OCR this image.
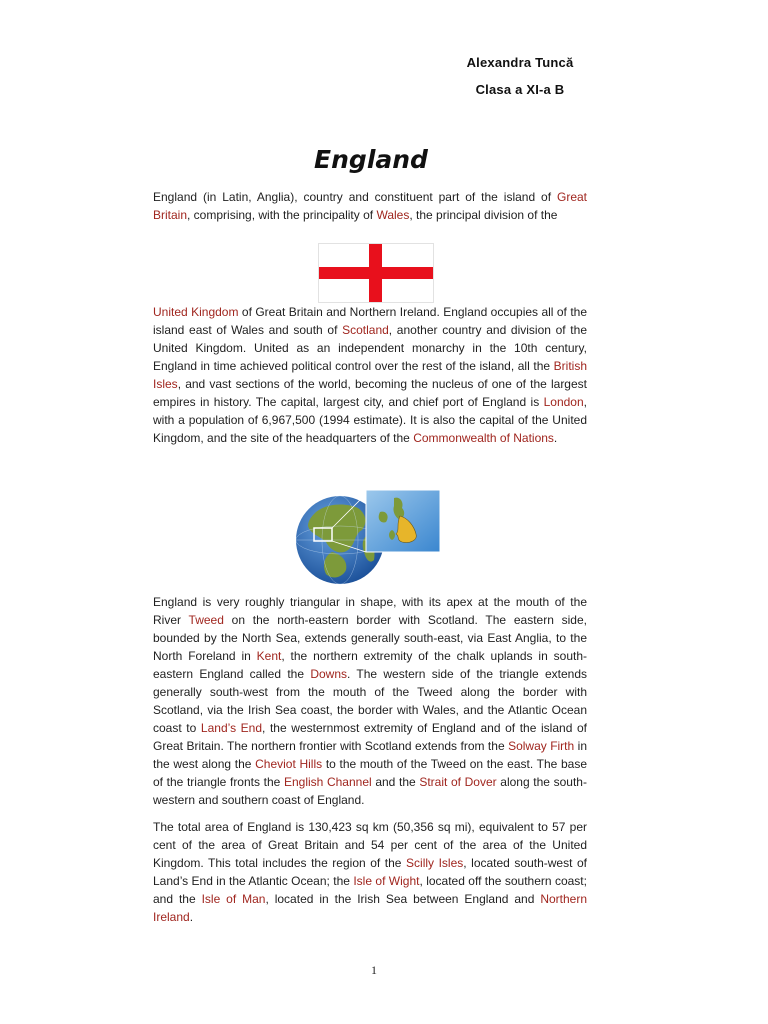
Alexandra Tuncă
Clasa a XI-a B
England
England (in Latin, Anglia), country and constituent part of the island of Great Britain, comprising, with the principality of Wales, the principal division of the
United Kingdom of Great Britain and Northern Ireland. England occupies all of the island east of Wales and south of Scotland, another country and division of the United Kingdom. United as an independent monarchy in the 10th century, England in time achieved political control over the rest of the island, all the British Isles, and vast sections of the world, becoming the nucleus of one of the largest empires in history. The capital, largest city, and chief port of England is London, with a population of 6,967,500 (1994 estimate). It is also the capital of the United Kingdom, and the site of the headquarters of the Commonwealth of Nations.
England is very roughly triangular in shape, with its apex at the mouth of the River Tweed on the north-eastern border with Scotland. The eastern side, bounded by the North Sea, extends generally south-east, via East Anglia, to the North Foreland in Kent, the northern extremity of the chalk uplands in south-eastern England called the Downs. The western side of the triangle extends generally south-west from the mouth of the Tweed along the border with Scotland, via the Irish Sea coast, the border with Wales, and the Atlantic Ocean coast to Land’s End, the westernmost extremity of England and of the island of Great Britain. The northern frontier with Scotland extends from the Solway Firth in the west along the Cheviot Hills to the mouth of the Tweed on the east. The base of the triangle fronts the English Channel and the Strait of Dover along the south-western and southern coast of England.
The total area of England is 130,423 sq km (50,356 sq mi), equivalent to 57 per cent of the area of Great Britain and 54 per cent of the area of the United Kingdom. This total includes the region of the Scilly Isles, located south-west of Land’s End in the Atlantic Ocean; the Isle of Wight, located off the southern coast; and the Isle of Man, located in the Irish Sea between England and Northern Ireland.
1
